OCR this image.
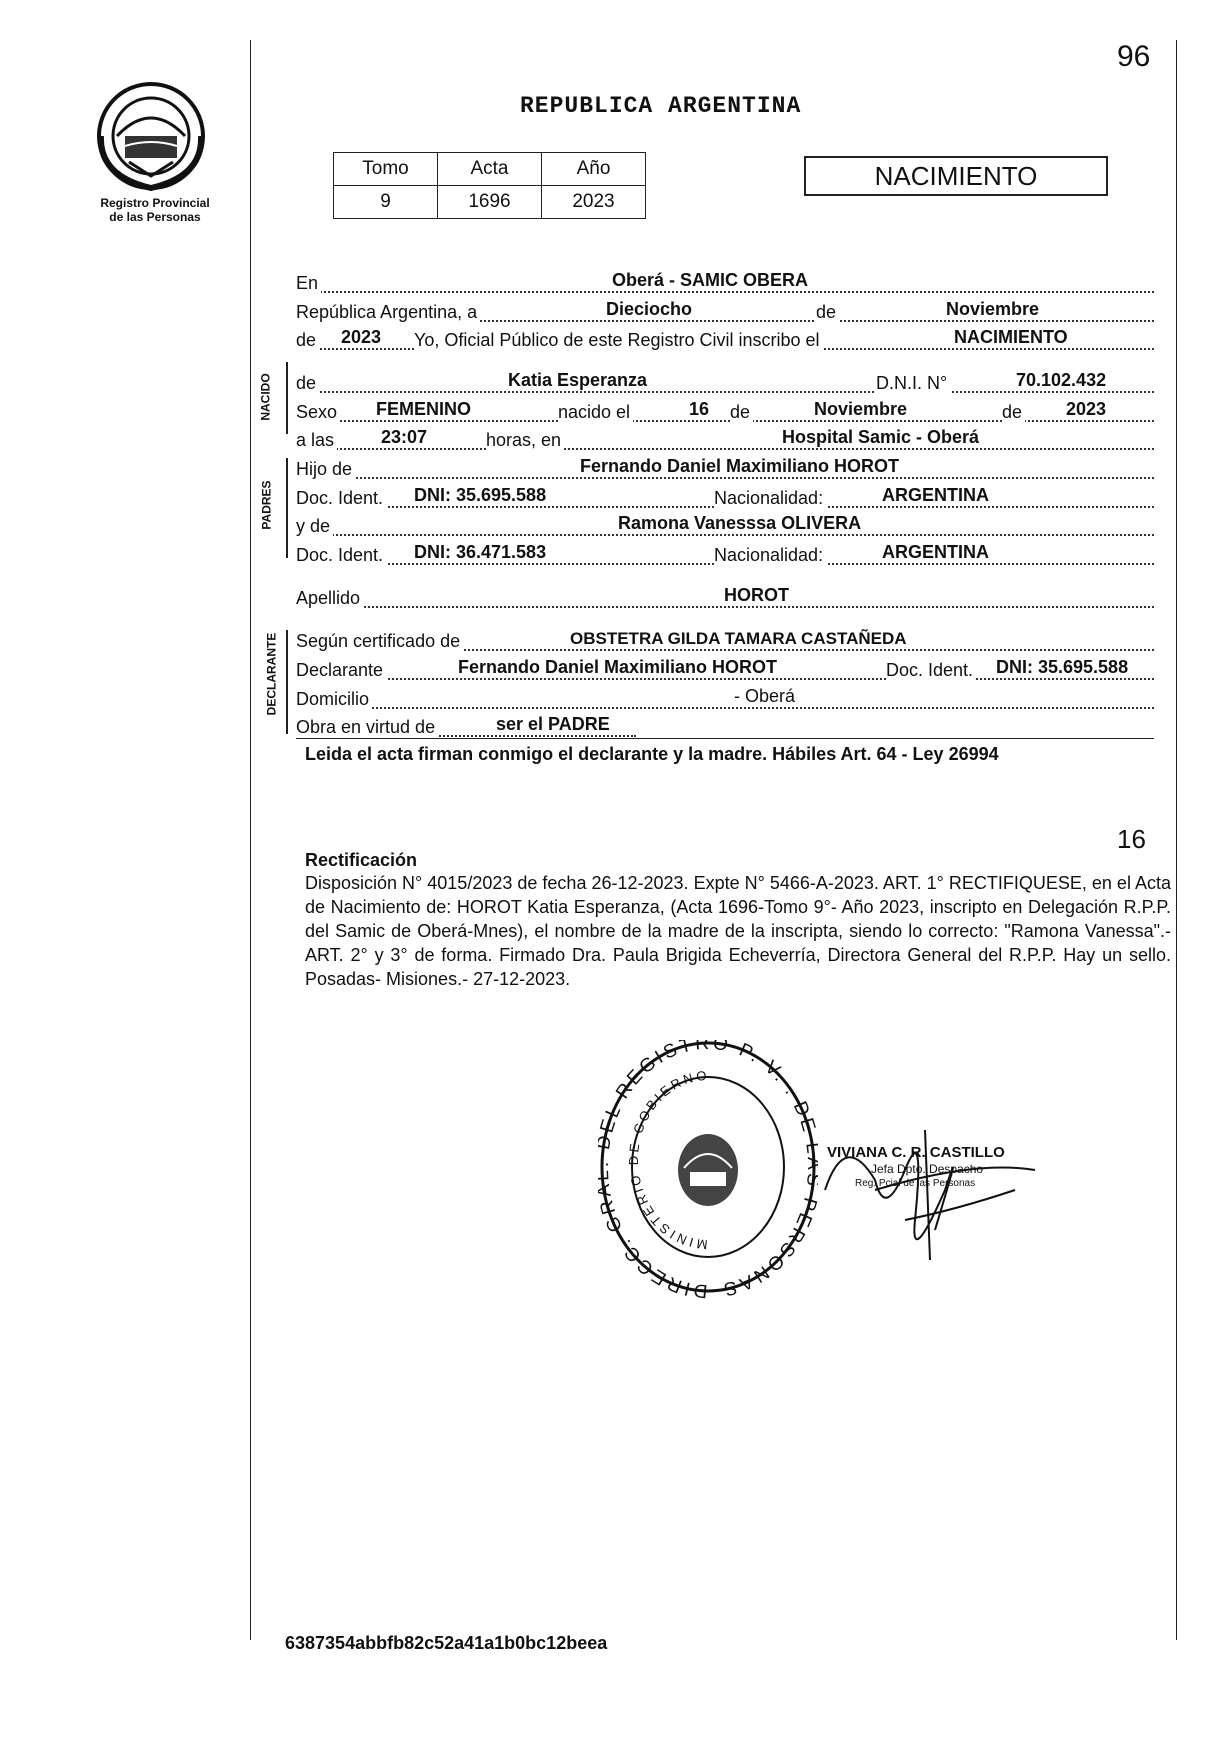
96
Registro Provincial
de las Personas
REPUBLICA ARGENTINA
Tomo	Acta	Año
9	1696	2023
NACIMIENTO
NACIDO
PADRES
DECLARANTE
En	Oberá - SAMIC OBERA
República Argentina, a	Dieciocho	de	Noviembre
de 2023 Yo, Oficial Público de este Registro Civil inscribo el	NACIMIENTO
de	Katia Esperanza	D.N.I. N°	70.102.432
Sexo FEMENINO	nacido el	16 de	Noviembre	de 2023
a las	23:07	horas, en	Hospital Samic - Oberá
Hijo de	Fernando Daniel Maximiliano HOROT
Doc. Ident. DNI: 35.695.588	Nacionalidad:	ARGENTINA
y de	Ramona Vanesssa OLIVERA
Doc. Ident. DNI: 36.471.583	Nacionalidad:	ARGENTINA
Apellido	HOROT
Según certificado de	OBSTETRA GILDA TAMARA CASTAÑEDA
Declarante	Fernando Daniel Maximiliano HOROT	Doc. Ident. DNI: 35.695.588
Domicilio	- Oberá
Obra en virtud de	ser el PADRE
Leida el acta firman conmigo el declarante y la madre. Hábiles Art. 64 - Ley 26994
16
Rectificación
Disposición N° 4015/2023 de fecha 26-12-2023. Expte N° 5466-A-2023. ART. 1° RECTIFIQUESE, en el Acta de Nacimiento de: HOROT Katia Esperanza, (Acta 1696-Tomo 9°- Año 2023, inscripto en Delegación R.P.P. del Samic de Oberá-Mnes), el nombre de la madre de la inscripta, siendo lo correcto: "Ramona Vanessa".- ART. 2° y 3° de forma. Firmado Dra. Paula Brigida Echeverría, Directora General del R.P.P. Hay un sello. Posadas- Misiones.- 27-12-2023.
DIRECC. G EL REGISTRO P. V. . DE ERSONAS
MINISTERIO DE GOBIERNO
VIVIANA C. R. CASTILLO
Jefa Dpto. Despacho
Reg. Pcial de las Personas
6387354abbfb82c52a41a1b0bc12beea
